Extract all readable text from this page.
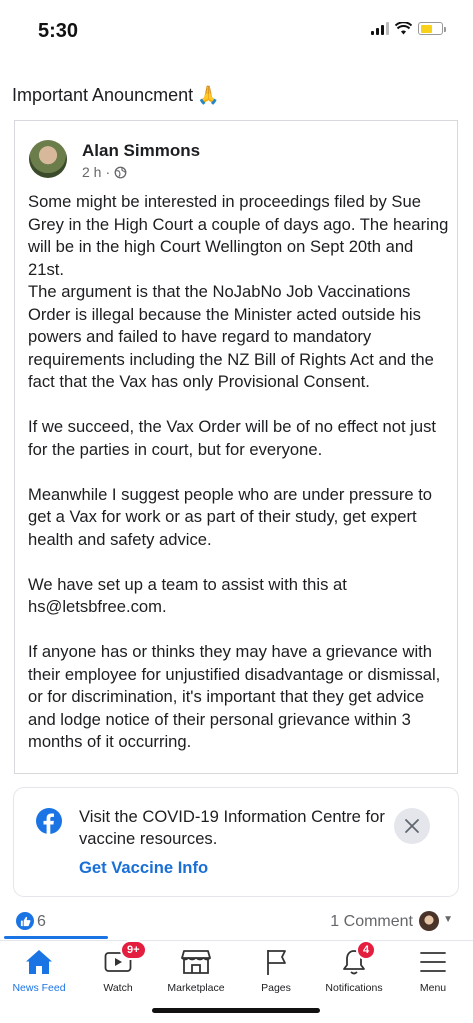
5:30
Important Anouncment 🙏
Alan Simmons
2 h ·
Some might be interested in proceedings filed by Sue Grey in the High Court a couple of days ago. The hearing will be in the high Court Wellington on Sept 20th and 21st.

The argument is that the NoJabNo Job Vaccinations Order is illegal because the Minister acted outside his powers and failed to have regard to mandatory requirements including the NZ Bill of Rights Act and the fact that the Vax has only Provisional Consent.

If we succeed, the Vax Order will be of no effect not just for the parties in court, but for everyone.

Meanwhile I suggest people who are under pressure to get a Vax for work or as part of their study, get expert health and safety advice.

We have set up a team to assist with this at hs@letsbfree.com.

If anyone has or thinks they may have a grievance with their employee for unjustified disadvantage or dismissal, or for discrimination, it's important that they get advice and lodge notice of their personal grievance within 3 months of it occurring.

Visit the COVID-19 Information Centre for vaccine resources.
Get Vaccine Info
6	1 Comment	▼
News Feed
9+
Watch	Marketplace	Pages
4
Notifications	Menu
